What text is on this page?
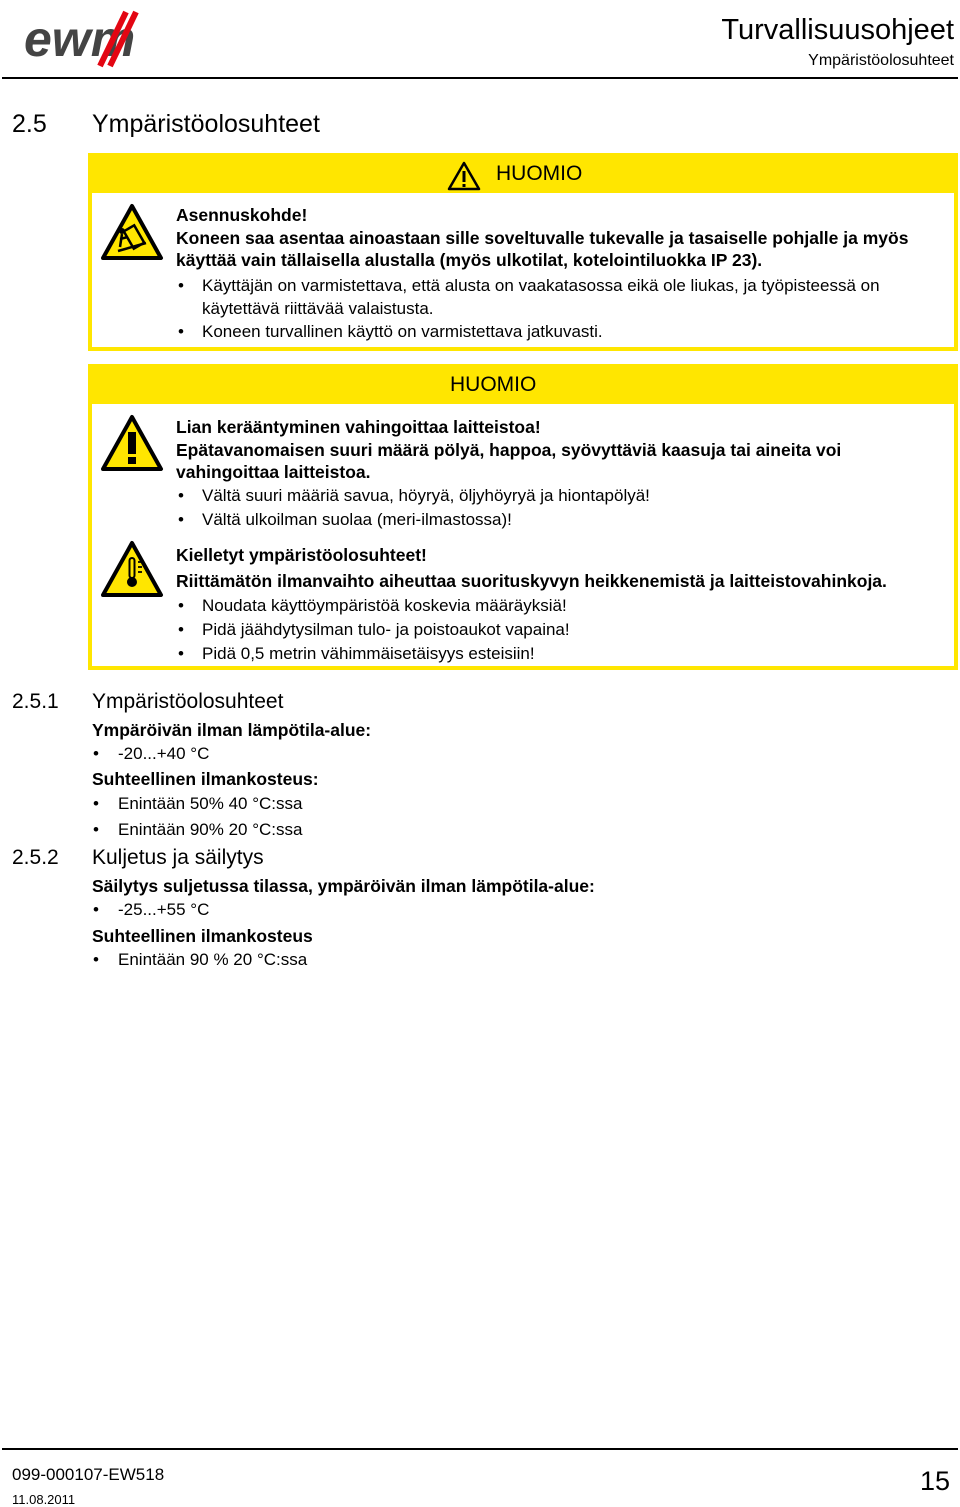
ewm	Turvallisuusohjeet
Ympäristöolosuhteet
2.5 Ympäristöolosuhteet
HUOMIO
Asennuskohde!
Koneen saa asentaa ainoastaan sille soveltuvalle tukevalle ja tasaiselle pohjalle ja myös
käyttää vain tällaisella alustalla (myös ulkotilat, kotelointiluokka IP 23).
• Käyttäjän on varmistettava, että alusta on vaakatasossa eikä ole liukas, ja työpisteessä on
käytettävä riittävää valaistusta.
• Koneen turvallinen käyttö on varmistettava jatkuvasti.
HUOMIO
Lian kerääntyminen vahingoittaa laitteistoa!
Epätavanomaisen suuri määrä pölyä, happoa, syövyttäviä kaasuja tai aineita voi
vahingoittaa laitteistoa.
• Vältä suuri määriä savua, höyryä, öljyhöyryä ja hiontapölyä!
• Vältä ulkoilman suolaa (meri-ilmastossa)!
Kielletyt ympäristöolosuhteet!
Riittämätön ilmanvaihto aiheuttaa suorituskyvyn heikkenemistä ja laitteistovahinkoja.
• Noudata käyttöympäristöä koskevia määräyksiä!
• Pidä jäähdytysilman tulo- ja poistoaukot vapaina!
• Pidä 0,5 metrin vähimmäisetäisyys esteisiin!
2.5.1 Ympäristöolosuhteet
Ympäröivän ilman lämpötila-alue:
• -20...+40 °C
Suhteellinen ilmankosteus:
• Enintään 50% 40 °C:ssa
• Enintään 90% 20 °C:ssa
2.5.2 Kuljetus ja säilytys
Säilytys suljetussa tilassa, ympäröivän ilman lämpötila-alue:
• -25...+55 °C
Suhteellinen ilmankosteus
• Enintään 90 % 20 °C:ssa
099-000107-EW518
11.08.2011
15
